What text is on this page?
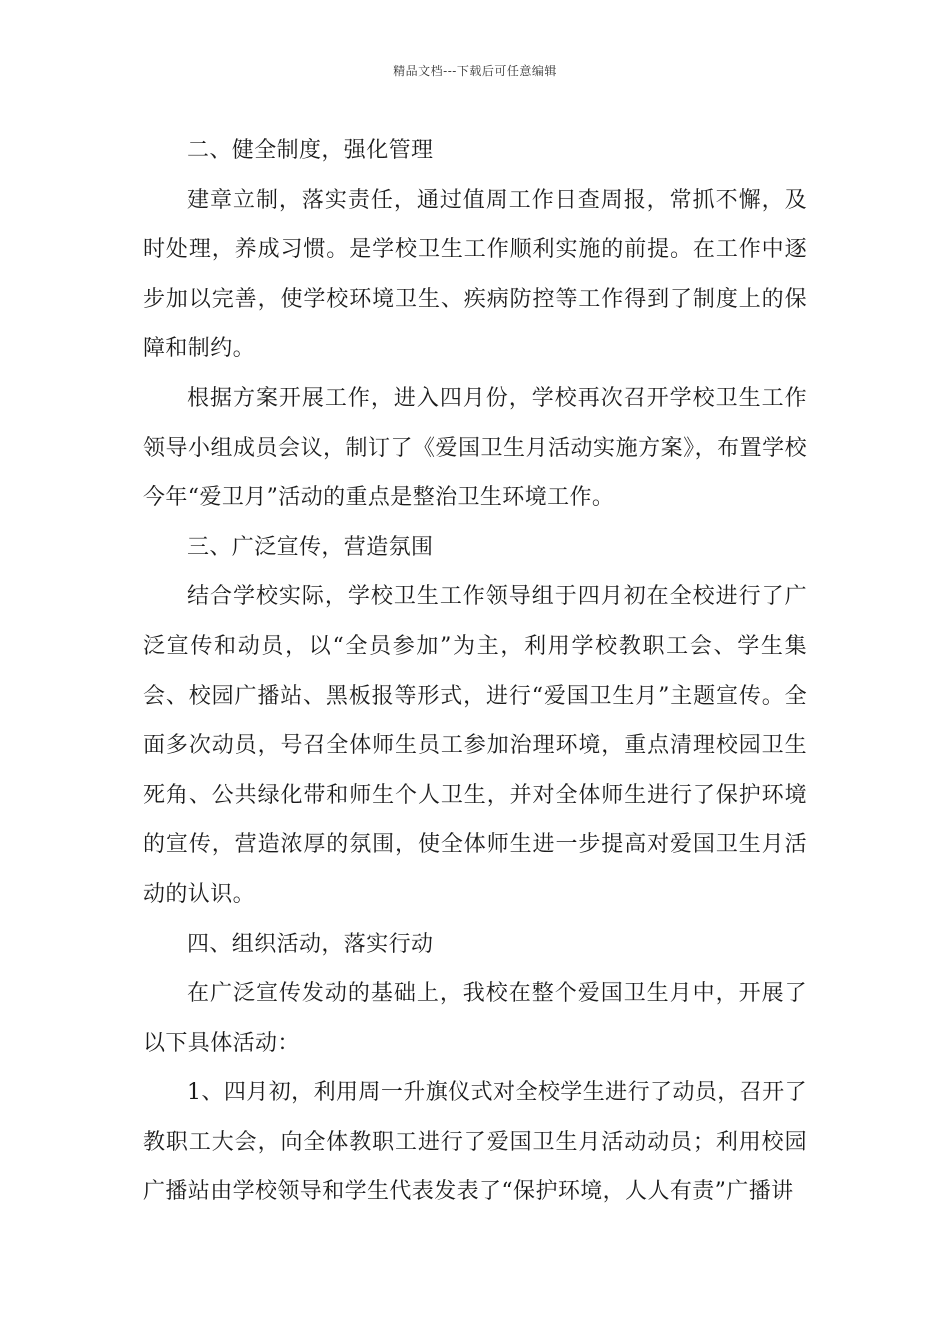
精品文档---下载后可任意编辑

二、健全制度，强化管理

建章立制，落实责任，通过值周工作日查周报，常抓不懈，及时处理，养成习惯。是学校卫生工作顺利实施的前提。在工作中逐步加以完善，使学校环境卫生、疾病防控等工作得到了制度上的保障和制约。

根据方案开展工作，进入四月份，学校再次召开学校卫生工作领导小组成员会议，制订了《爱国卫生月活动实施方案》，布置学校今年“爱卫月”活动的重点是整治卫生环境工作。

三、广泛宣传，营造氛围

结合学校实际，学校卫生工作领导组于四月初在全校进行了广泛宣传和动员，以“全员参加”为主，利用学校教职工会、学生集会、校园广播站、黑板报等形式，进行“爱国卫生月”主题宣传。全面多次动员，号召全体师生员工参加治理环境，重点清理校园卫生死角、公共绿化带和师生个人卫生，并对全体师生进行了保护环境的宣传，营造浓厚的氛围，使全体师生进一步提高对爱国卫生月活动的认识。

四、组织活动，落实行动

在广泛宣传发动的基础上，我校在整个爱国卫生月中，开展了以下具体活动：

1、四月初，利用周一升旗仪式对全校学生进行了动员，召开了教职工大会，向全体教职工进行了爱国卫生月活动动员；利用校园广播站由学校领导和学生代表发表了“保护环境，人人有责”广播讲
